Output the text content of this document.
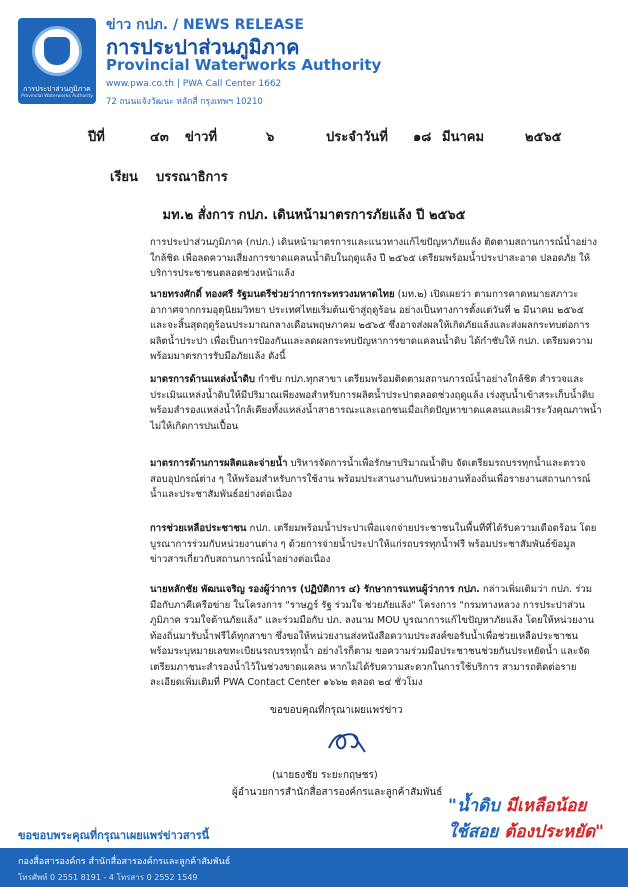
การประปาส่วนภูมิภาค
Provincial Waterworks Authority
ข่าว กปภ. / NEWS RELEASE
การประปาส่วนภูมิภาค
Provincial Waterworks Authority
www.pwa.co.th | PWA Call Center 1662
72 ถนนแจ้งวัฒนะ หลักสี่ กรุงเทพฯ 10210
ปีที่	๔๓ ข่าวที่	๖	ประจำวันที่ ๑๘ มีนาคม	๒๕๖๕
เรียน บรรณาธิการ
มท.๒ สั่งการ กปภ. เดินหน้ามาตรการภัยแล้ง ปี ๒๕๖๕

การประปาส่วนภูมิภาค (กปภ.) เดินหน้ามาตรการและแนวทางแก้ไขปัญหาภัยแล้ง ติดตามสถานการณ์น้ำอย่างใกล้ชิด เพื่อลดความเสี่ยงการขาดแคลนน้ำดิบในฤดูแล้ง ปี ๒๕๖๕ เตรียมพร้อมน้ำประปาสะอาด ปลอดภัย ให้บริการประชาชนตลอดช่วงหน้าแล้ง

นายทรงศักดิ์ ทองศรี รัฐมนตรีช่วยว่าการกระทรวงมหาดไทย (มท.๒) เปิดเผยว่า ตามการคาดหมายสภาวะอากาศจากกรมอุตุนิยมวิทยา ประเทศไทยเริ่มต้นเข้าสู่ฤดูร้อน อย่างเป็นทางการตั้งแต่วันที่ ๒ มีนาคม ๒๕๖๕ และจะสิ้นสุดฤดูร้อนประมาณกลางเดือนพฤษภาคม ๒๕๖๕ ซึ่งอาจส่งผลให้เกิดภัยแล้งและส่งผลกระทบต่อการผลิตน้ำประปา เพื่อเป็นการป้องกันและลดผลกระทบปัญหาการขาดแคลนน้ำดิบ ได้กำชับให้ กปภ. เตรียมความพร้อมมาตรการรับมือภัยแล้ง ดังนี้

มาตรการด้านแหล่งน้ำดิบ กำชับ กปภ.ทุกสาขา เตรียมพร้อมติดตามสถานการณ์น้ำอย่างใกล้ชิด สำรวจและประเมินแหล่งน้ำดิบให้มีปริมาณเพียงพอสำหรับการผลิตน้ำประปาตลอดช่วงฤดูแล้ง เร่งสูบน้ำเข้าสระเก็บน้ำดิบ พร้อมสำรองแหล่งน้ำใกล้เคียงทั้งแหล่งน้ำสาธารณะและเอกชนเมื่อเกิดปัญหาขาดแคลนและเฝ้าระวังคุณภาพน้ำไม่ให้เกิดการปนเปื้อน

มาตรการด้านการผลิตและจ่ายน้ำ บริหารจัดการน้ำเพื่อรักษาปริมาณน้ำดิบ จัดเตรียมรถบรรทุกน้ำและตรวจสอบอุปกรณ์ต่าง ๆ ให้พร้อมสำหรับการใช้งาน พร้อมประสานงานกับหน่วยงานท้องถิ่นเพื่อรายงานสถานการณ์น้ำและประชาสัมพันธ์อย่างต่อเนื่อง

การช่วยเหลือประชาชน กปภ. เตรียมพร้อมน้ำประปาเพื่อแจกจ่ายประชาชนในพื้นที่ที่ได้รับความเดือดร้อน โดยบูรณาการร่วมกับหน่วยงานต่าง ๆ ด้วยการจ่ายน้ำประปาให้แก่รถบรรทุกน้ำฟรี พร้อมประชาสัมพันธ์ข้อมูลข่าวสารเกี่ยวกับสถานการณ์น้ำอย่างต่อเนื่อง

นายหลักชัย พัฒนเจริญ รองผู้ว่าการ (ปฏิบัติการ ๔) รักษาการแทนผู้ว่าการ กปภ. กล่าวเพิ่มเติมว่า กปภ. ร่วมมือกับภาคีเครือข่าย ในโครงการ "ราษฎร์ รัฐ ร่วมใจ ช่วยภัยแล้ง" โครงการ "กรมทางหลวง การประปาส่วนภูมิภาค รวมใจต้านภัยแล้ง" และร่วมมือกับ ปภ. ลงนาม MOU บูรณาการแก้ไขปัญหาภัยแล้ง โดยให้หน่วยงานท้องถิ่นมารับน้ำฟรีได้ทุกสาขา ซึ่งขอให้หน่วยงานส่งหนังสือความประสงค์ขอรับน้ำเพื่อช่วยเหลือประชาชน พร้อมระบุหมายเลขทะเบียนรถบรรทุกน้ำ อย่างไรก็ตาม ขอความร่วมมือประชาชนช่วยกันประหยัดน้ำ และจัดเตรียมภาชนะสำรองน้ำไว้ในช่วงขาดแคลน หากไม่ได้รับความสะดวกในการใช้บริการ สามารถติดต่อรายละเอียดเพิ่มเติมที่ PWA Contact Center ๑๖๖๒ ตลอด ๒๔ ชั่วโมง

ขอขอบคุณที่กรุณาเผยแพร่ข่าว
(นายธงชัย ระยะกฤษชร)
ผู้อำนวยการสำนักสื่อสารองค์กรและลูกค้าสัมพันธ์
"น้ำดิบ มีเหลือน้อย
ใช้สอย ต้องประหยัด"
ขอขอบพระคุณที่กรุณาเผยแพร่ข่าวสารนี้
กองสื่อสารองค์กร สำนักสื่อสารองค์กรและลูกค้าสัมพันธ์
โทรศัพท์ 0 2551 8191 - 4 โทรสาร 0 2552 1549
PWA
Call Center 1662
